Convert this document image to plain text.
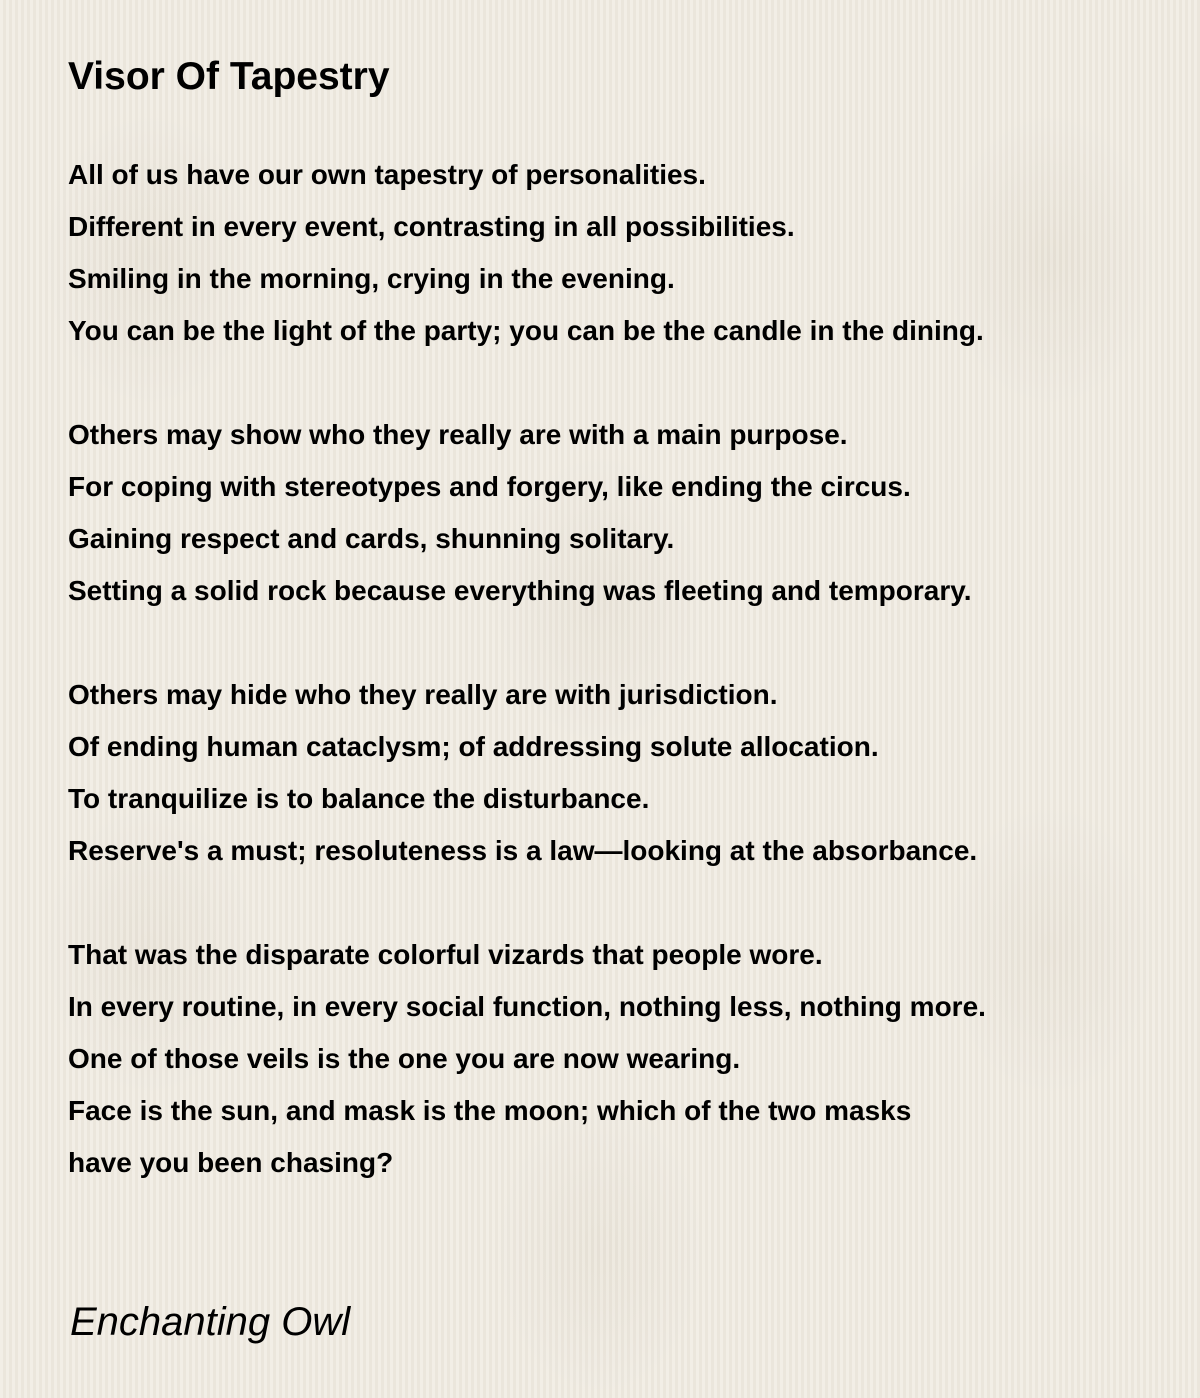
Visor Of Tapestry
All of us have our own tapestry of personalities.
Different in every event, contrasting in all possibilities.
Smiling in the morning, crying in the evening.
You can be the light of the party; you can be the candle in the dining.
Others may show who they really are with a main purpose.
For coping with stereotypes and forgery, like ending the circus.
Gaining respect and cards, shunning solitary.
Setting a solid rock because everything was fleeting and temporary.
Others may hide who they really are with jurisdiction.
Of ending human cataclysm; of addressing solute allocation.
To tranquilize is to balance the disturbance.
Reserve's a must; resoluteness is a law—looking at the absorbance.
That was the disparate colorful vizards that people wore.
In every routine, in every social function, nothing less, nothing more.
One of those veils is the one you are now wearing.
Face is the sun, and mask is the moon; which of the two masks
have you been chasing?

Enchanting Owl
